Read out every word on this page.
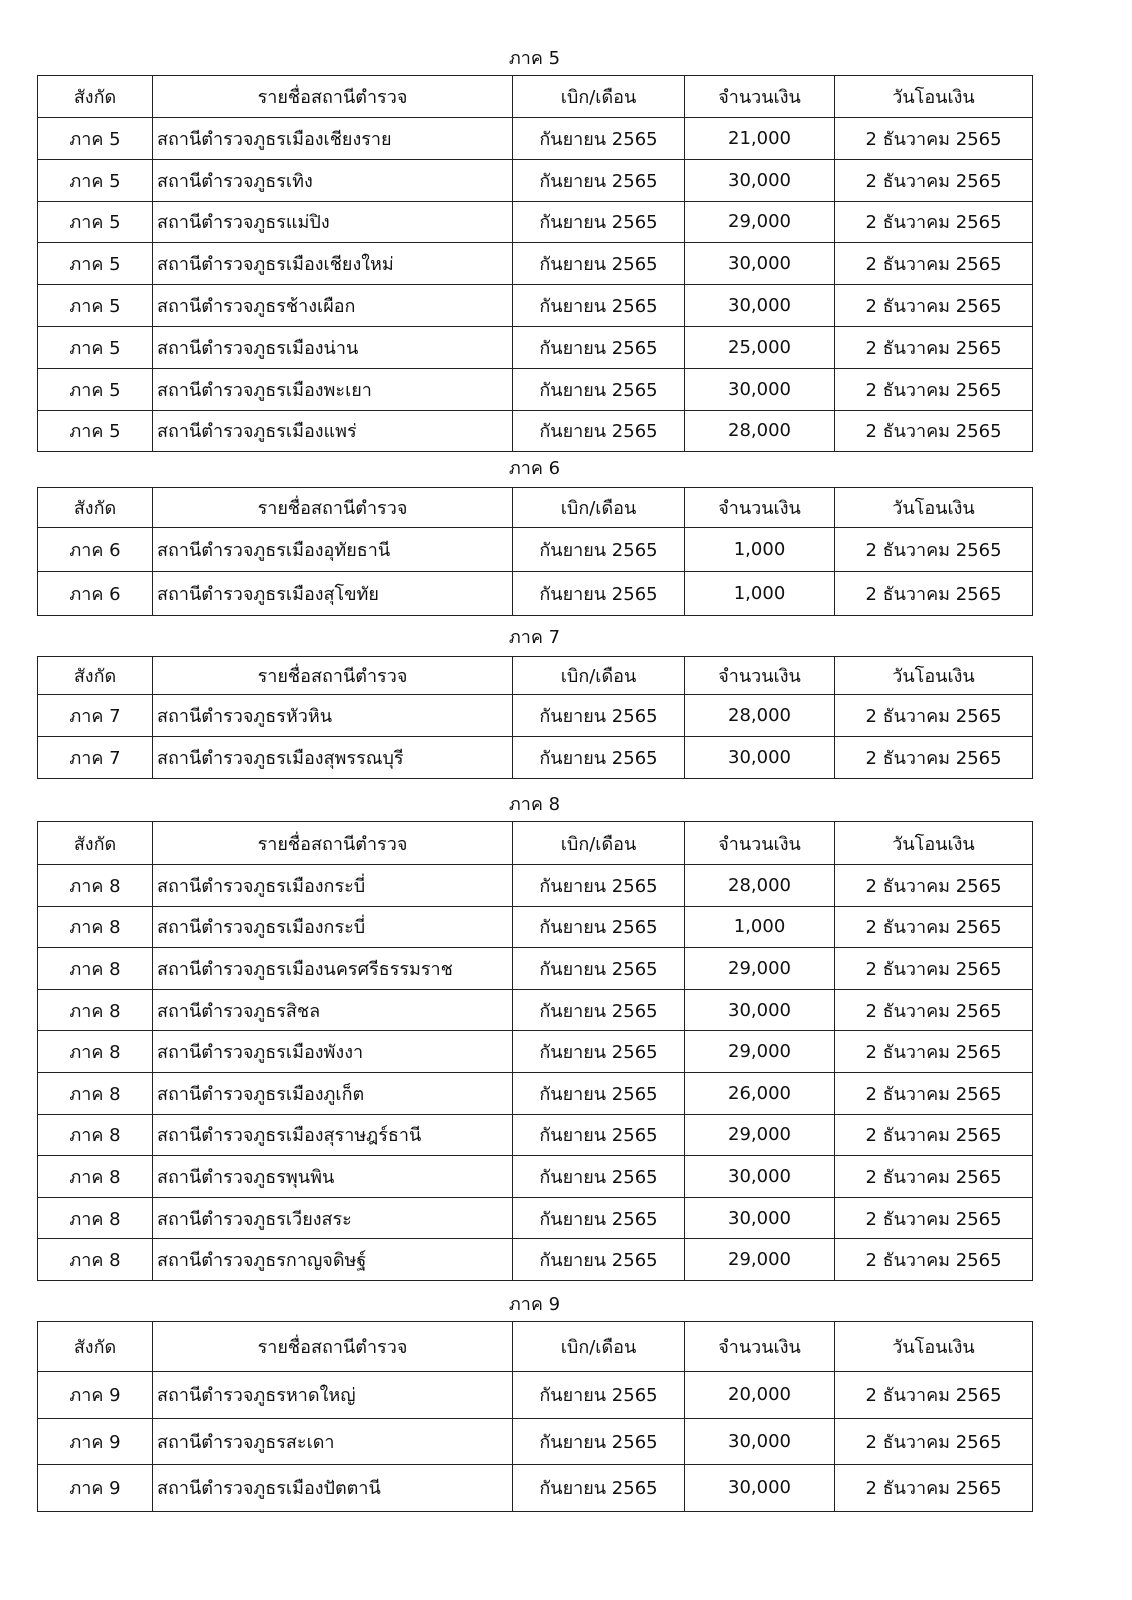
ภาค 5
สังกัด	รายชื่อสถานีตำรวจ	เบิก/เดือน	จำนวนเงิน	วันโอนเงิน
ภาค 5	สถานีตำรวจภูธรเมืองเชียงราย	กันยายน 2565	21,000	2 ธันวาคม 2565
ภาค 5	สถานีตำรวจภูธรเทิง	กันยายน 2565	30,000	2 ธันวาคม 2565
ภาค 5	สถานีตำรวจภูธรแม่ปิง	กันยายน 2565	29,000	2 ธันวาคม 2565
ภาค 5	สถานีตำรวจภูธรเมืองเชียงใหม่	กันยายน 2565	30,000	2 ธันวาคม 2565
ภาค 5	สถานีตำรวจภูธรช้างเผือก	กันยายน 2565	30,000	2 ธันวาคม 2565
ภาค 5	สถานีตำรวจภูธรเมืองน่าน	กันยายน 2565	25,000	2 ธันวาคม 2565
ภาค 5	สถานีตำรวจภูธรเมืองพะเยา	กันยายน 2565	30,000	2 ธันวาคม 2565
ภาค 5	สถานีตำรวจภูธรเมืองแพร่	กันยายน 2565	28,000	2 ธันวาคม 2565
ภาค 6
สังกัด	รายชื่อสถานีตำรวจ	เบิก/เดือน	จำนวนเงิน	วันโอนเงิน
ภาค 6	สถานีตำรวจภูธรเมืองอุทัยธานี	กันยายน 2565	1,000	2 ธันวาคม 2565
ภาค 6	สถานีตำรวจภูธรเมืองสุโขทัย	กันยายน 2565	1,000	2 ธันวาคม 2565
ภาค 7
สังกัด	รายชื่อสถานีตำรวจ	เบิก/เดือน	จำนวนเงิน	วันโอนเงิน
ภาค 7	สถานีตำรวจภูธรหัวหิน	กันยายน 2565	28,000	2 ธันวาคม 2565
ภาค 7	สถานีตำรวจภูธรเมืองสุพรรณบุรี	กันยายน 2565	30,000	2 ธันวาคม 2565
ภาค 8
สังกัด	รายชื่อสถานีตำรวจ	เบิก/เดือน	จำนวนเงิน	วันโอนเงิน
ภาค 8	สถานีตำรวจภูธรเมืองกระบี่	กันยายน 2565	28,000	2 ธันวาคม 2565
ภาค 8	สถานีตำรวจภูธรเมืองกระบี่	กันยายน 2565	1,000	2 ธันวาคม 2565
ภาค 8	สถานีตำรวจภูธรเมืองนครศรีธรรมราช	กันยายน 2565	29,000	2 ธันวาคม 2565
ภาค 8	สถานีตำรวจภูธรสิชล	กันยายน 2565	30,000	2 ธันวาคม 2565
ภาค 8	สถานีตำรวจภูธรเมืองพังงา	กันยายน 2565	29,000	2 ธันวาคม 2565
ภาค 8	สถานีตำรวจภูธรเมืองภูเก็ต	กันยายน 2565	26,000	2 ธันวาคม 2565
ภาค 8	สถานีตำรวจภูธรเมืองสุราษฎร์ธานี	กันยายน 2565	29,000	2 ธันวาคม 2565
ภาค 8	สถานีตำรวจภูธรพุนพิน	กันยายน 2565	30,000	2 ธันวาคม 2565
ภาค 8	สถานีตำรวจภูธรเวียงสระ	กันยายน 2565	30,000	2 ธันวาคม 2565
ภาค 8	สถานีตำรวจภูธรกาญจดิษฐ์	กันยายน 2565	29,000	2 ธันวาคม 2565
ภาค 9
สังกัด	รายชื่อสถานีตำรวจ	เบิก/เดือน	จำนวนเงิน	วันโอนเงิน
ภาค 9	สถานีตำรวจภูธรหาดใหญ่	กันยายน 2565	20,000	2 ธันวาคม 2565
ภาค 9	สถานีตำรวจภูธรสะเดา	กันยายน 2565	30,000	2 ธันวาคม 2565
ภาค 9	สถานีตำรวจภูธรเมืองปัตตานี	กันยายน 2565	30,000	2 ธันวาคม 2565
